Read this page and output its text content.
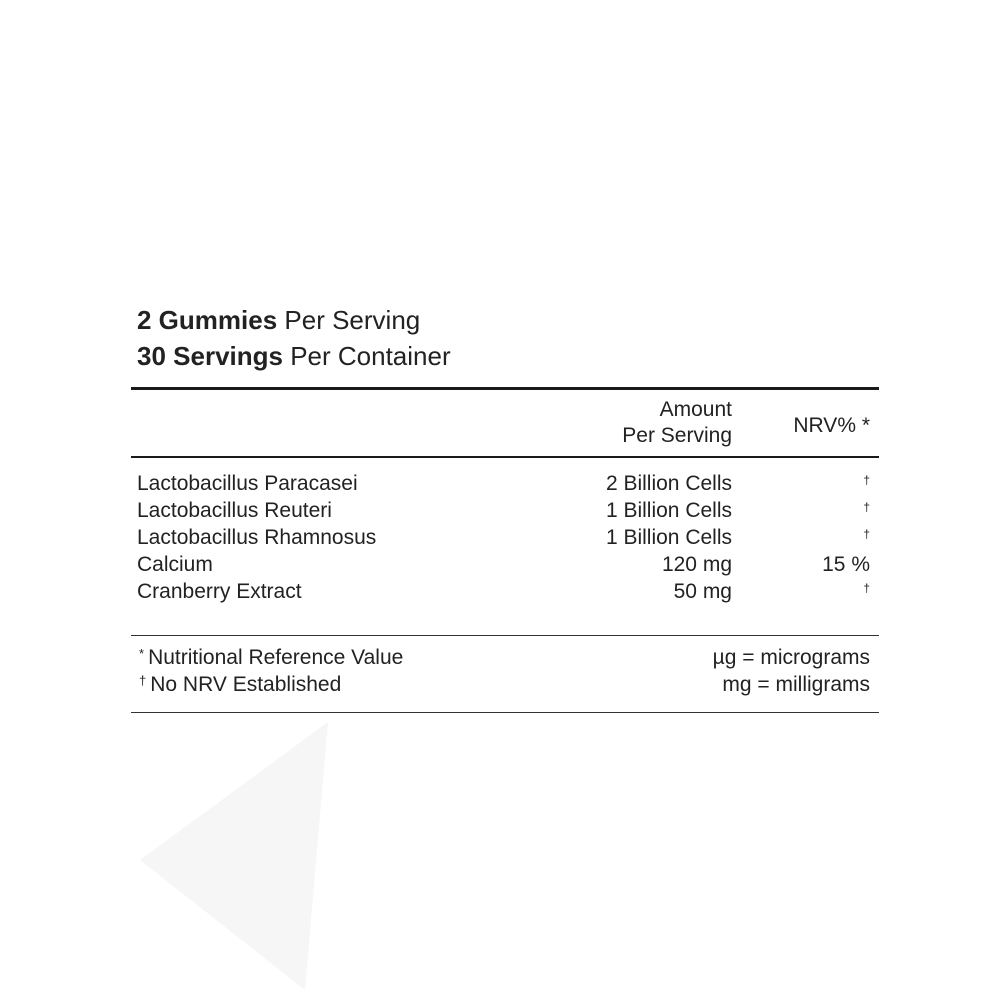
2 Gummies Per Serving
30 Servings Per Container
Amount
Per Serving	NRV% *
Lactobacillus Paracasei	2 Billion Cells	†
Lactobacillus Reuteri	1 Billion Cells	†
Lactobacillus Rhamnosus	1 Billion Cells	†
Calcium	120 mg	15 %
Cranberry Extract	50 mg	†
* Nutritional Reference Value	µg = micrograms
† No NRV Established	mg = milligrams
